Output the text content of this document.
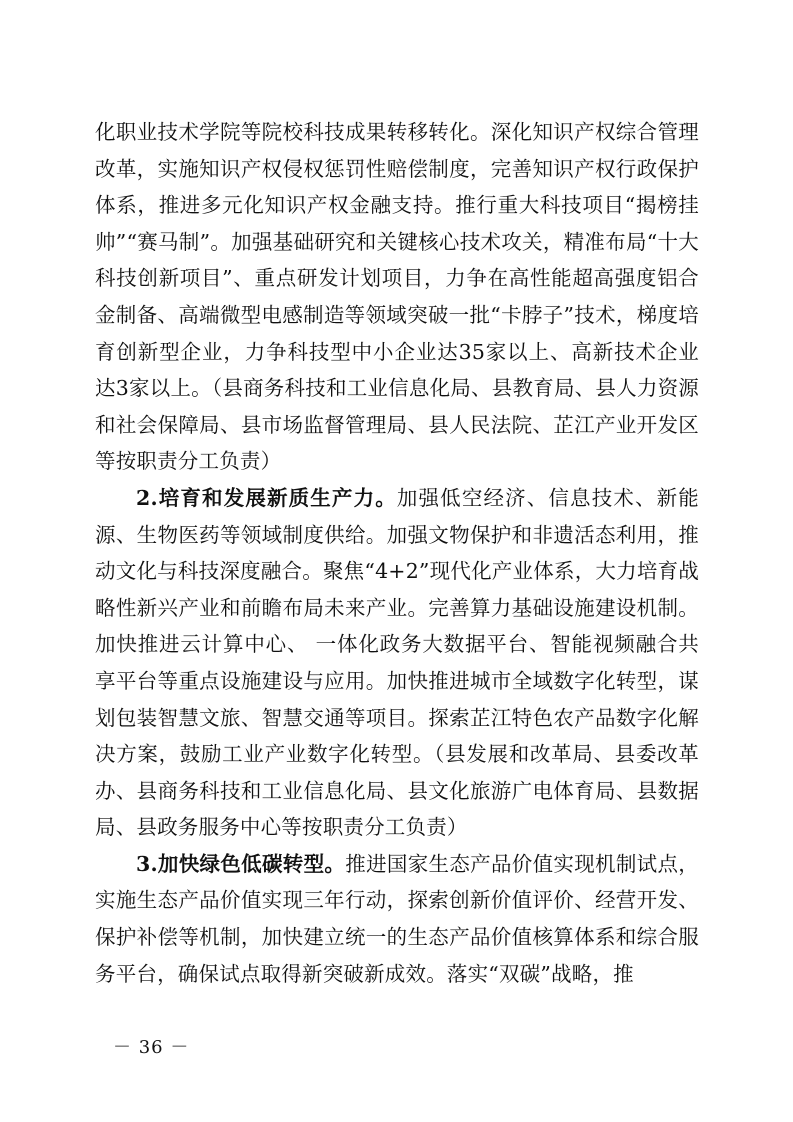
化职业技术学院等院校科技成果转移转化。深化知识产权综合管理改革，实施知识产权侵权惩罚性赔偿制度，完善知识产权行政保护体系，推进多元化知识产权金融支持。推行重大科技项目“揭榜挂帅”“赛马制”。加强基础研究和关键核心技术攻关，精准布局“十大科技创新项目”、重点研发计划项目，力争在高性能超高强度铝合金制备、高端微型电感制造等领域突破一批“卡脖子”技术，梯度培育创新型企业，力争科技型中小企业达35家以上、高新技术企业达3家以上。（县商务科技和工业信息化局、县教育局、县人力资源和社会保障局、县市场监督管理局、县人民法院、芷江产业开发区等按职责分工负责）

2.培育和发展新质生产力。加强低空经济、信息技术、新能源、生物医药等领域制度供给。加强文物保护和非遗活态利用，推动文化与科技深度融合。聚焦“4+2”现代化产业体系，大力培育战略性新兴产业和前瞻布局未来产业。完善算力基础设施建设机制。加快推进云计算中心、 一体化政务大数据平台、智能视频融合共享平台等重点设施建设与应用。加快推进城市全域数字化转型，谋划包装智慧文旅、智慧交通等项目。探索芷江特色农产品数字化解决方案，鼓励工业产业数字化转型。（县发展和改革局、县委改革办、县商务科技和工业信息化局、县文化旅游广电体育局、县数据局、县政务服务中心等按职责分工负责）

3.加快绿色低碳转型。推进国家生态产品价值实现机制试点，实施生态产品价值实现三年行动，探索创新价值评价、经营开发、保护补偿等机制，加快建立统一的生态产品价值核算体系和综合服务平台，确保试点取得新突破新成效。落实“双碳”战略，推

－ 36 －
